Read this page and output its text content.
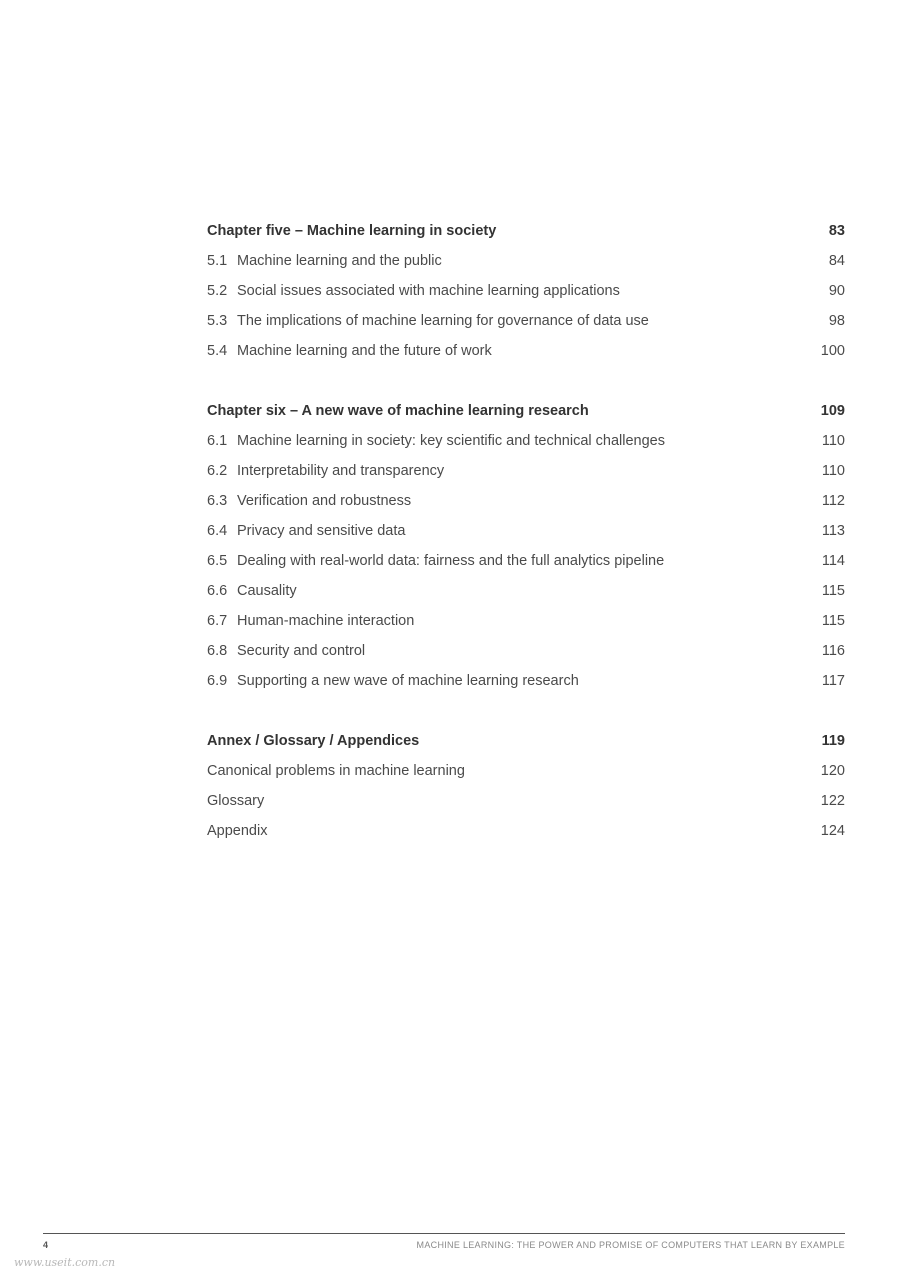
Chapter five – Machine learning in society	83
5.1 Machine learning and the public	84
5.2 Social issues associated with machine learning applications	90
5.3 The implications of machine learning for governance of data use	98
5.4 Machine learning and the future of work	100
Chapter six – A new wave of machine learning research	109
6.1 Machine learning in society: key scientific and technical challenges	110
6.2 Interpretability and transparency	110
6.3 Verification and robustness	112
6.4 Privacy and sensitive data	113
6.5 Dealing with real-world data: fairness and the full analytics pipeline	114
6.6 Causality	115
6.7 Human-machine interaction	115
6.8 Security and control	116
6.9 Supporting a new wave of machine learning research	117
Annex / Glossary / Appendices	119
Canonical problems in machine learning	120
Glossary	122
Appendix	124
4	MACHINE LEARNING: THE POWER AND PROMISE OF COMPUTERS THAT LEARN BY EXAMPLE
www.useit.com.cn
